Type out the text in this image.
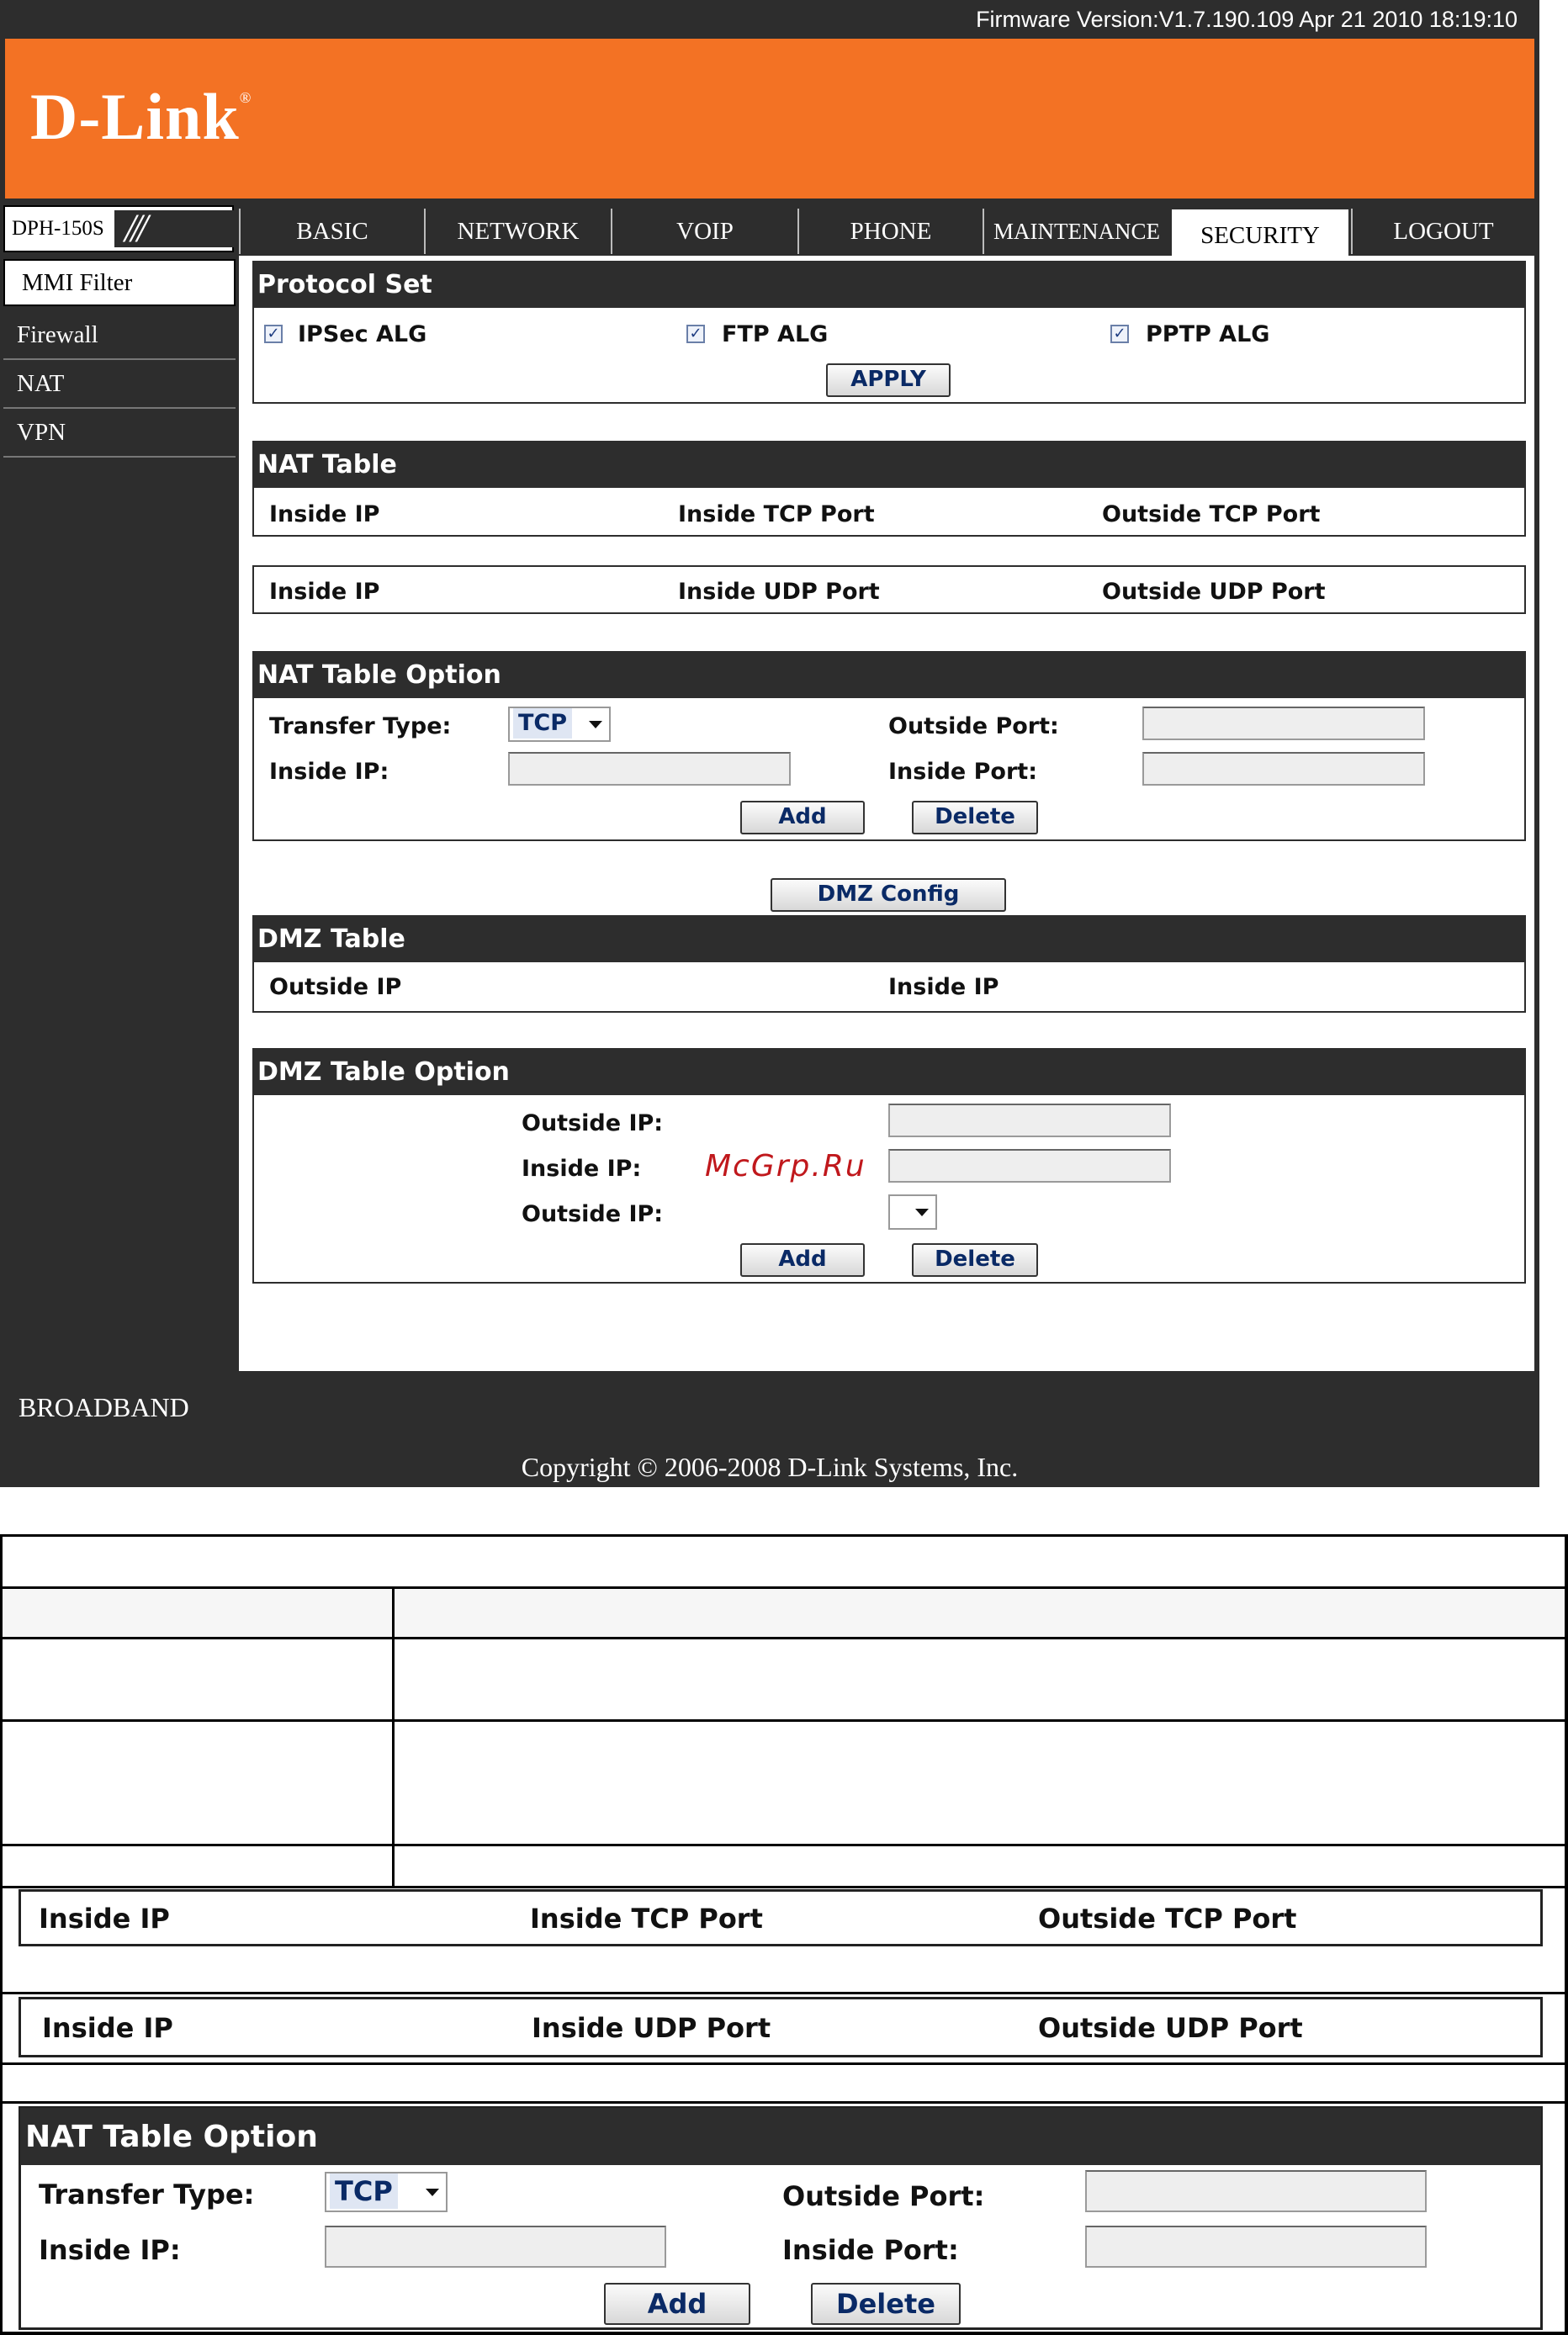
Firmware Version:V1.7.190.109 Apr 21 2010 18:19:10
D-Link®
DPH-150S ///	BASIC	NETWORK	VOIP	PHONE	MAINTENANCE	SECURITY	LOGOUT
MMI Filter
Firewall
NAT
VPN
Protocol Set
✓ IPSec ALG	✓ FTP ALG	✓ PPTP ALG
APPLY
NAT Table
Inside IP	Inside TCP Port	Outside TCP Port
Inside IP	Inside UDP Port	Outside UDP Port
NAT Table Option
Transfer Type:	TCP	Outside Port:
Inside IP:	Inside Port:
Add	Delete
DMZ Config
DMZ Table
Outside IP	Inside IP
DMZ Table Option
Outside IP:
Inside IP:
Outside IP:
Add	Delete
McGrp.Ru
BROADBAND
Copyright © 2006-2008 D-Link Systems, Inc.
Inside IP	Inside TCP Port	Outside TCP Port
Inside IP	Inside UDP Port	Outside UDP Port
NAT Table Option
Transfer Type:	TCP	Outside Port:
Inside IP:	Inside Port:
Add	Delete
